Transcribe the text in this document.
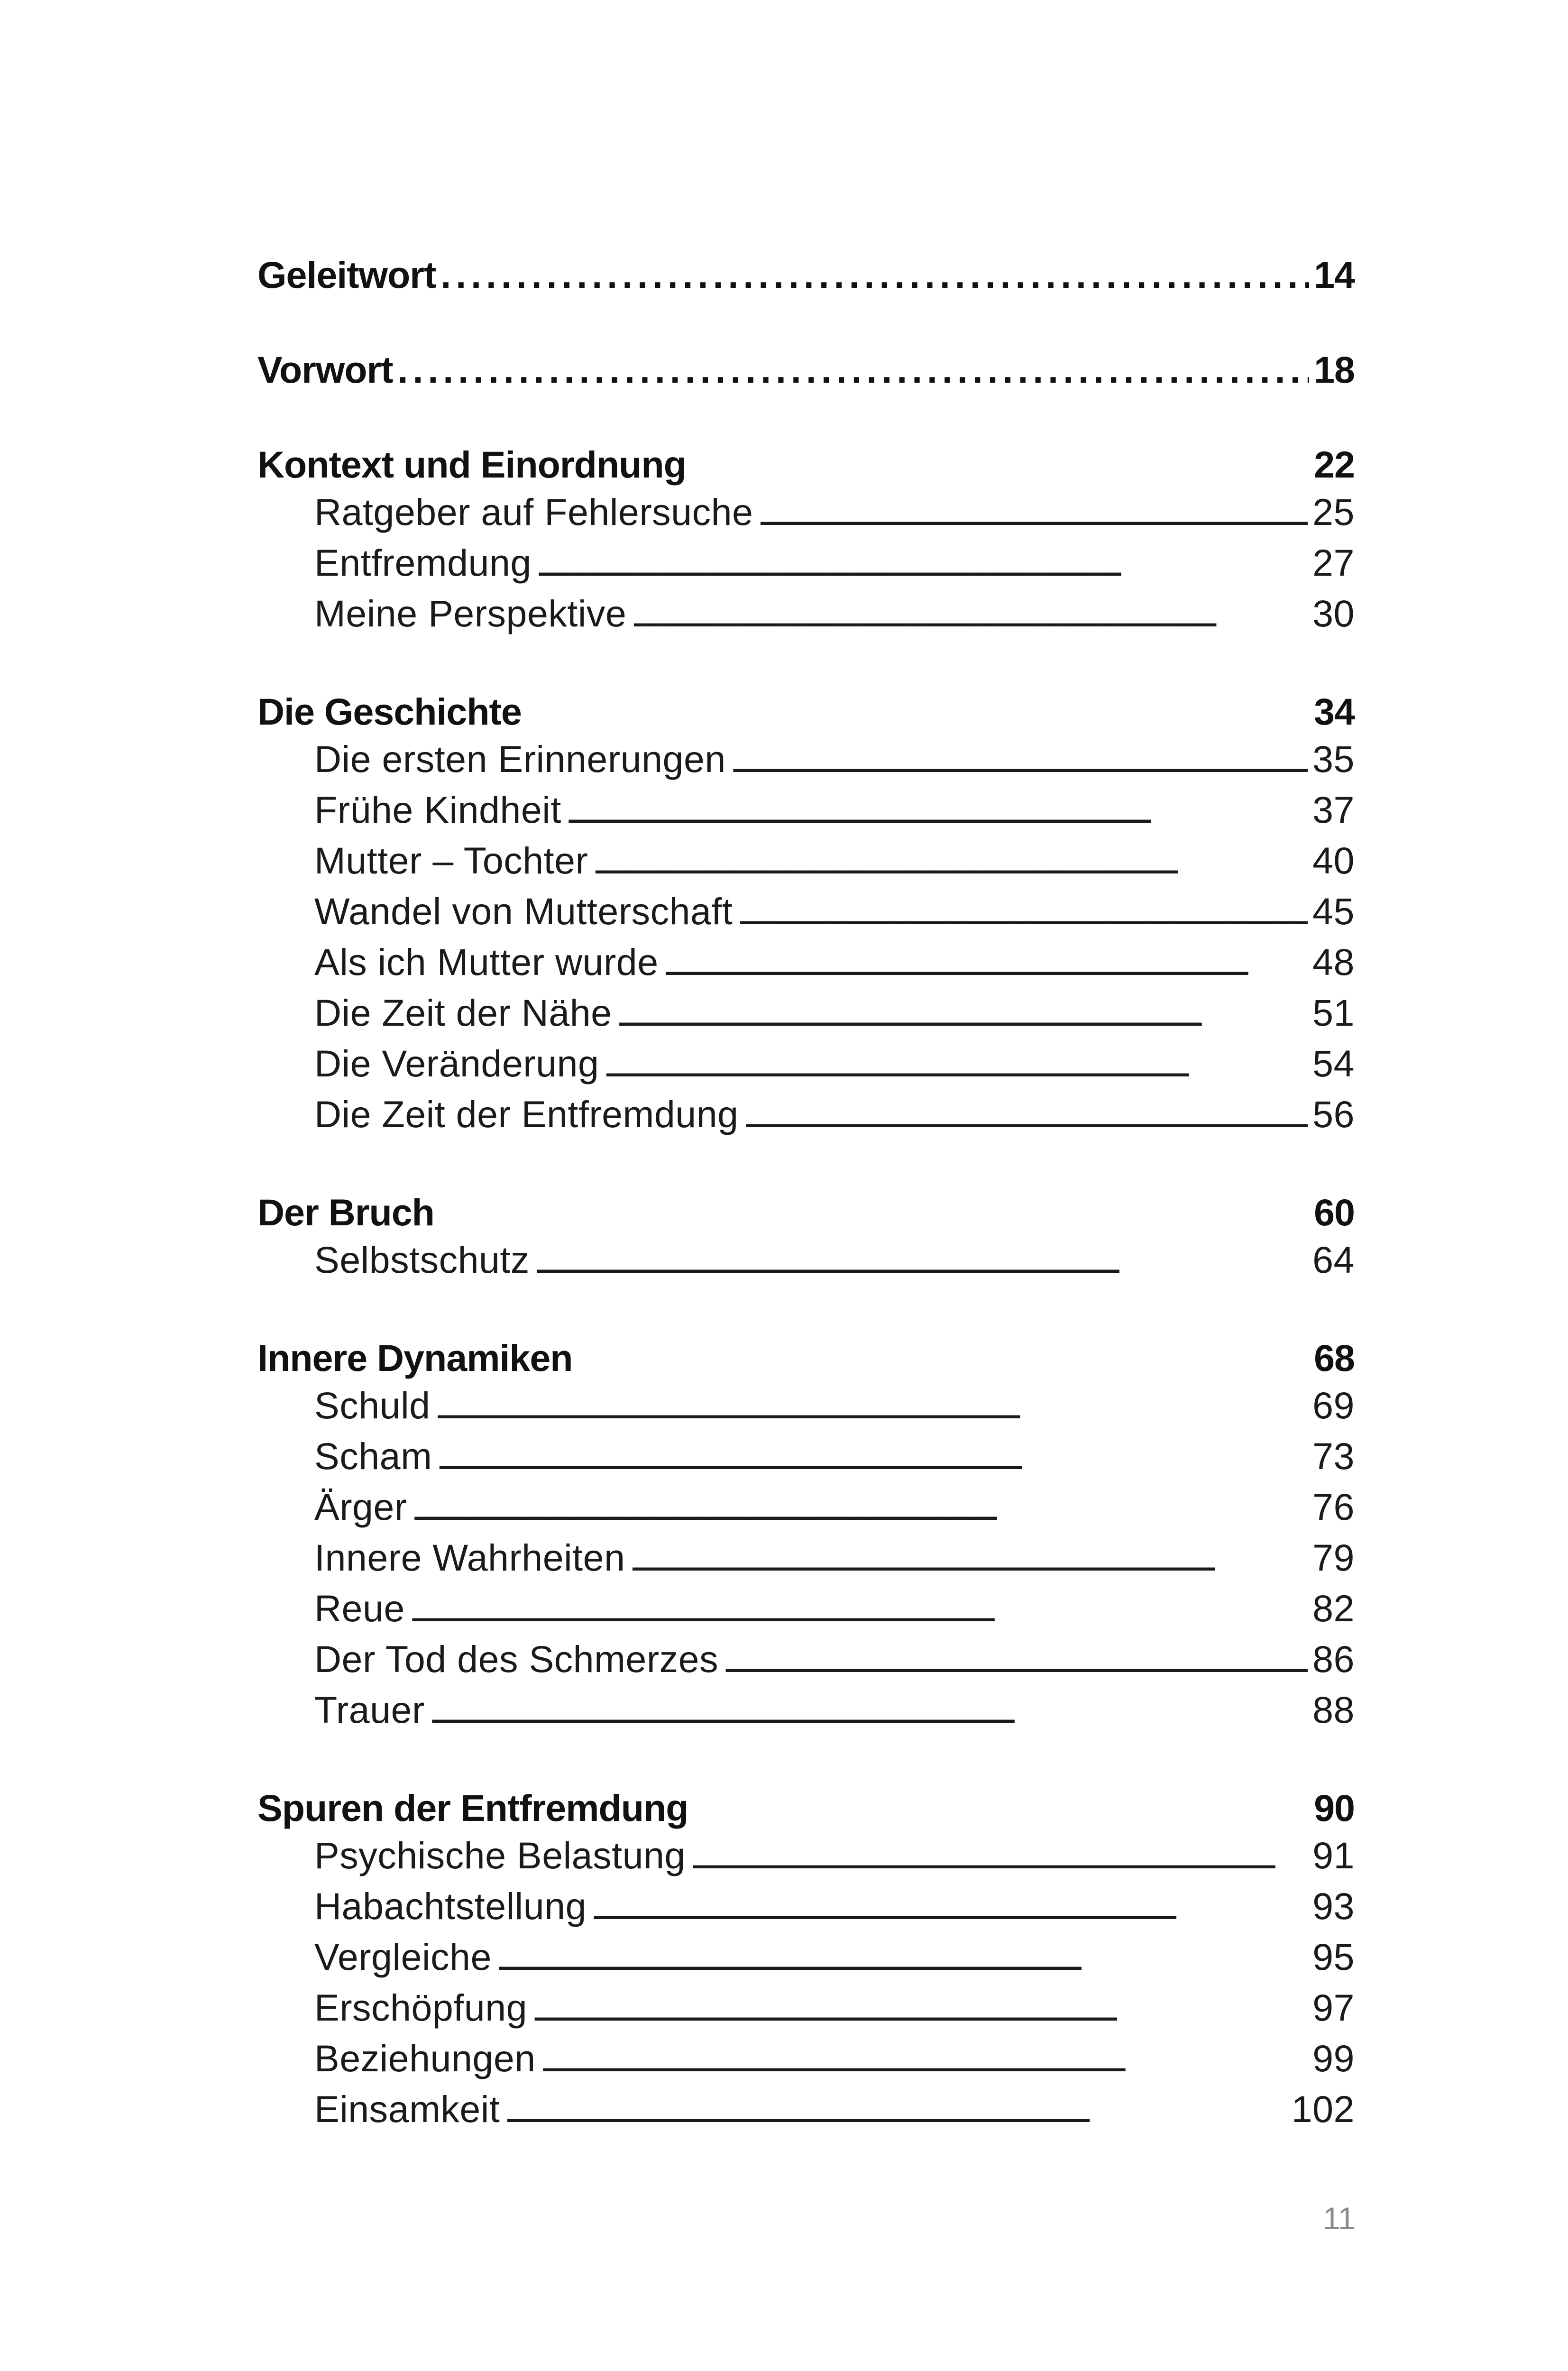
Geleitwort . . .	14
Vorwort . . .	18
Kontext und Einordnung	22
Ratgeber auf Fehlersuche . . .	25
Entfremdung . . .	27
Meine Perspektive . . .	30
Die Geschichte	34
Die ersten Erinnerungen . . .	35
Frühe Kindheit . . .	37
Mutter – Tochter . . .	40
Wandel von Mutterschaft . . .	45
Als ich Mutter wurde . . .	48
Die Zeit der Nähe . . .	51
Die Veränderung . . .	54
Die Zeit der Entfremdung . . .	56
Der Bruch	60
Selbstschutz . . .	64
Innere Dynamiken	68
Schuld . . .	69
Scham . . .	73
Ärger . . .	76
Innere Wahrheiten . . .	79
Reue . . .	82
Der Tod des Schmerzes . . .	86
Trauer . . .	88
Spuren der Entfremdung	90
Psychische Belastung . . .	91
Habachtstellung . . .	93
Vergleiche . . .	95
Erschöpfung . . .	97
Beziehungen . . .	99
Einsamkeit . . .	102
11
